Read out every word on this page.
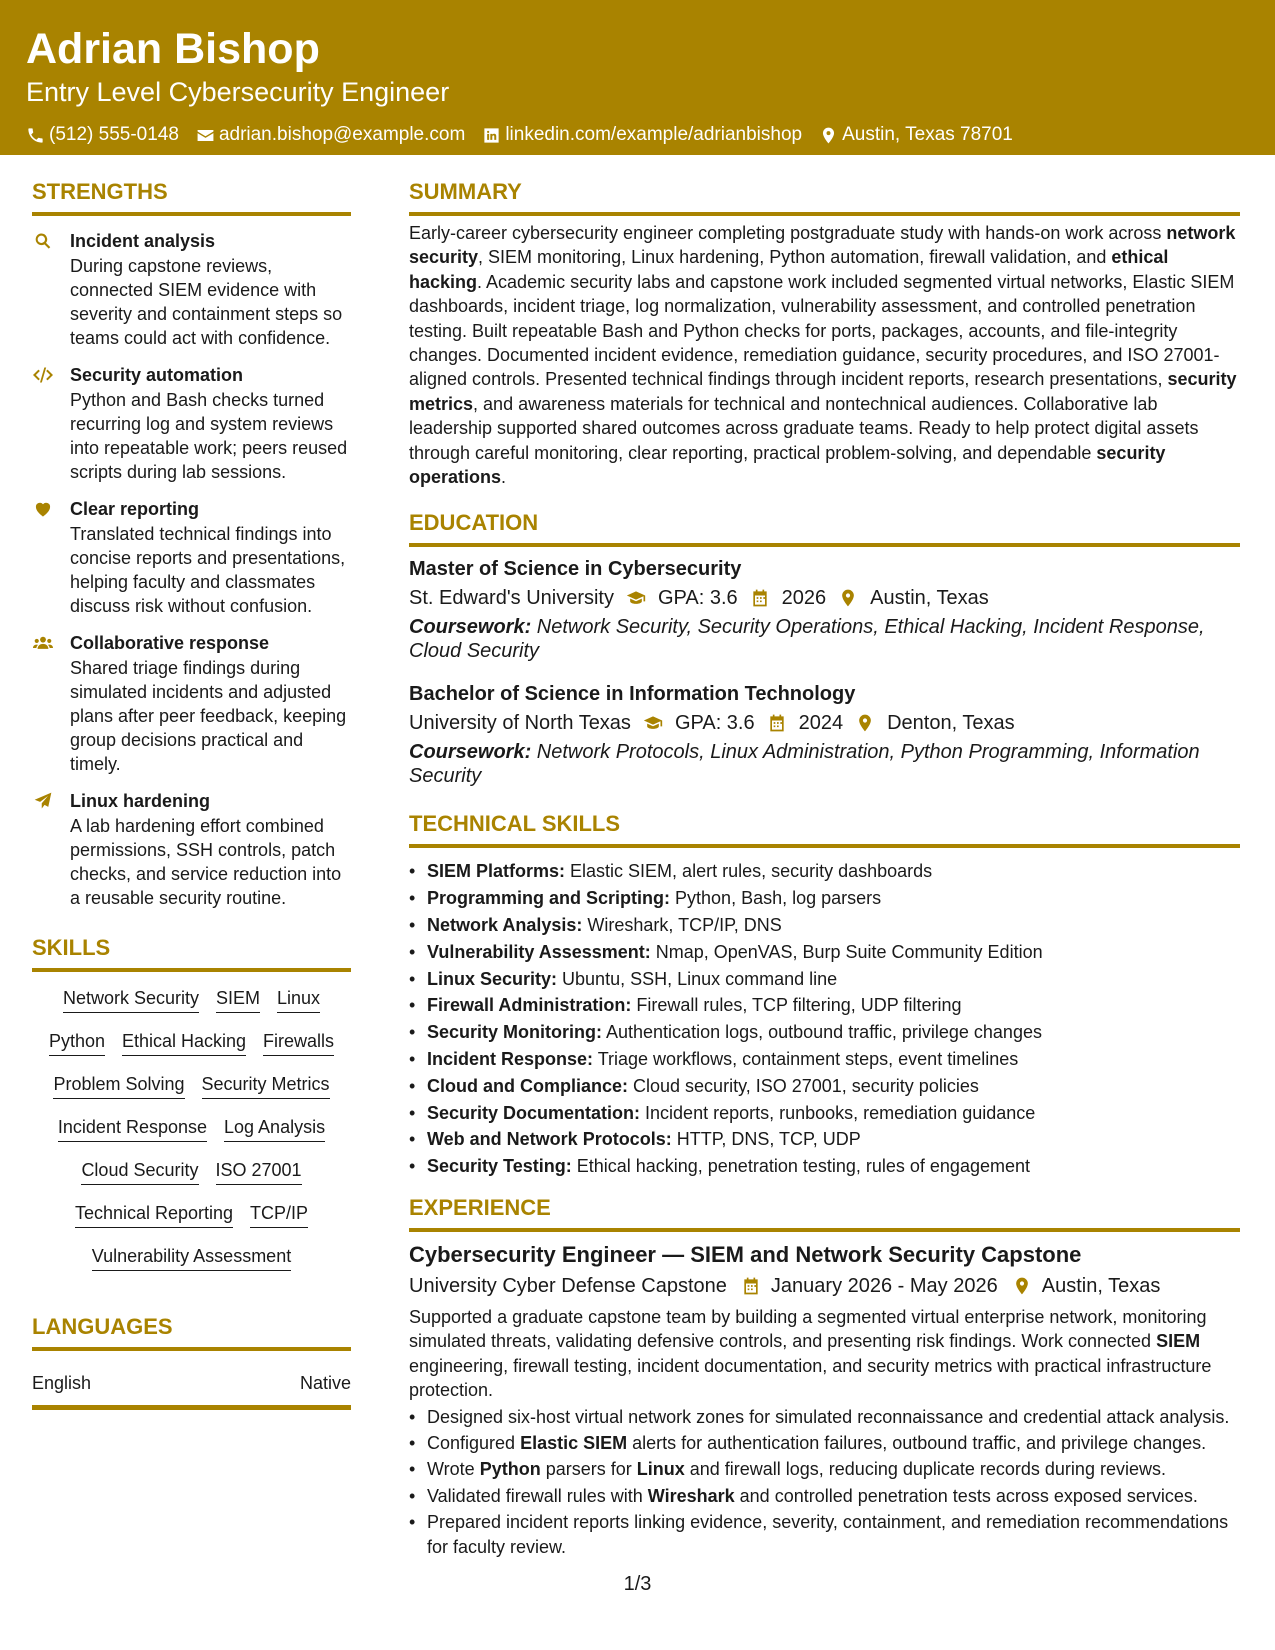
Adrian Bishop
Entry Level Cybersecurity Engineer
(512) 555-0148 adrian.bishop@example.com linkedin.com/example/adrianbishop Austin, Texas 78701
STRENGTHS
Incident analysis
During capstone reviews, connected SIEM evidence with severity and containment steps so teams could act with confidence.
Security automation
Python and Bash checks turned recurring log and system reviews into repeatable work; peers reused scripts during lab sessions.
Clear reporting
Translated technical findings into concise reports and presentations, helping faculty and classmates discuss risk without confusion.
Collaborative response
Shared triage findings during simulated incidents and adjusted plans after peer feedback, keeping group decisions practical and timely.
Linux hardening
A lab hardening effort combined permissions, SSH controls, patch checks, and service reduction into a reusable security routine.
SKILLS
Network Security SIEM Linux
Python Ethical Hacking Firewalls
Problem Solving Security Metrics
Incident Response Log Analysis
Cloud Security ISO 27001
Technical Reporting TCP/IP
Vulnerability Assessment
LANGUAGES
English	Native
SUMMARY
Early-career cybersecurity engineer completing postgraduate study with hands-on work across network security, SIEM monitoring, Linux hardening, Python automation, firewall validation, and ethical hacking. Academic security labs and capstone work included segmented virtual networks, Elastic SIEM dashboards, incident triage, log normalization, vulnerability assessment, and controlled penetration testing. Built repeatable Bash and Python checks for ports, packages, accounts, and file-integrity changes. Documented incident evidence, remediation guidance, security procedures, and ISO 27001-aligned controls. Presented technical findings through incident reports, research presentations, security metrics, and awareness materials for technical and nontechnical audiences. Collaborative lab leadership supported shared outcomes across graduate teams. Ready to help protect digital assets through careful monitoring, clear reporting, practical problem-solving, and dependable security operations.
EDUCATION
Master of Science in Cybersecurity
St. Edward's University GPA: 3.6 2026 Austin, Texas
Coursework: Network Security, Security Operations, Ethical Hacking, Incident Response, Cloud Security
Bachelor of Science in Information Technology
University of North Texas GPA: 3.6 2024 Denton, Texas
Coursework: Network Protocols, Linux Administration, Python Programming, Information Security
TECHNICAL SKILLS
• SIEM Platforms: Elastic SIEM, alert rules, security dashboards
• Programming and Scripting: Python, Bash, log parsers
• Network Analysis: Wireshark, TCP/IP, DNS
• Vulnerability Assessment: Nmap, OpenVAS, Burp Suite Community Edition
• Linux Security: Ubuntu, SSH, Linux command line
• Firewall Administration: Firewall rules, TCP filtering, UDP filtering
• Security Monitoring: Authentication logs, outbound traffic, privilege changes
• Incident Response: Triage workflows, containment steps, event timelines
• Cloud and Compliance: Cloud security, ISO 27001, security policies
• Security Documentation: Incident reports, runbooks, remediation guidance
• Web and Network Protocols: HTTP, DNS, TCP, UDP
• Security Testing: Ethical hacking, penetration testing, rules of engagement
EXPERIENCE
Cybersecurity Engineer — SIEM and Network Security Capstone
University Cyber Defense Capstone January 2026 - May 2026 Austin, Texas
Supported a graduate capstone team by building a segmented virtual enterprise network, monitoring simulated threats, validating defensive controls, and presenting risk findings. Work connected SIEM engineering, firewall testing, incident documentation, and security metrics with practical infrastructure protection.
• Designed six-host virtual network zones for simulated reconnaissance and credential attack analysis.
• Configured Elastic SIEM alerts for authentication failures, outbound traffic, and privilege changes.
• Wrote Python parsers for Linux and firewall logs, reducing duplicate records during reviews.
• Validated firewall rules with Wireshark and controlled penetration tests across exposed services.
• Prepared incident reports linking evidence, severity, containment, and remediation recommendations for faculty review.
1/3
